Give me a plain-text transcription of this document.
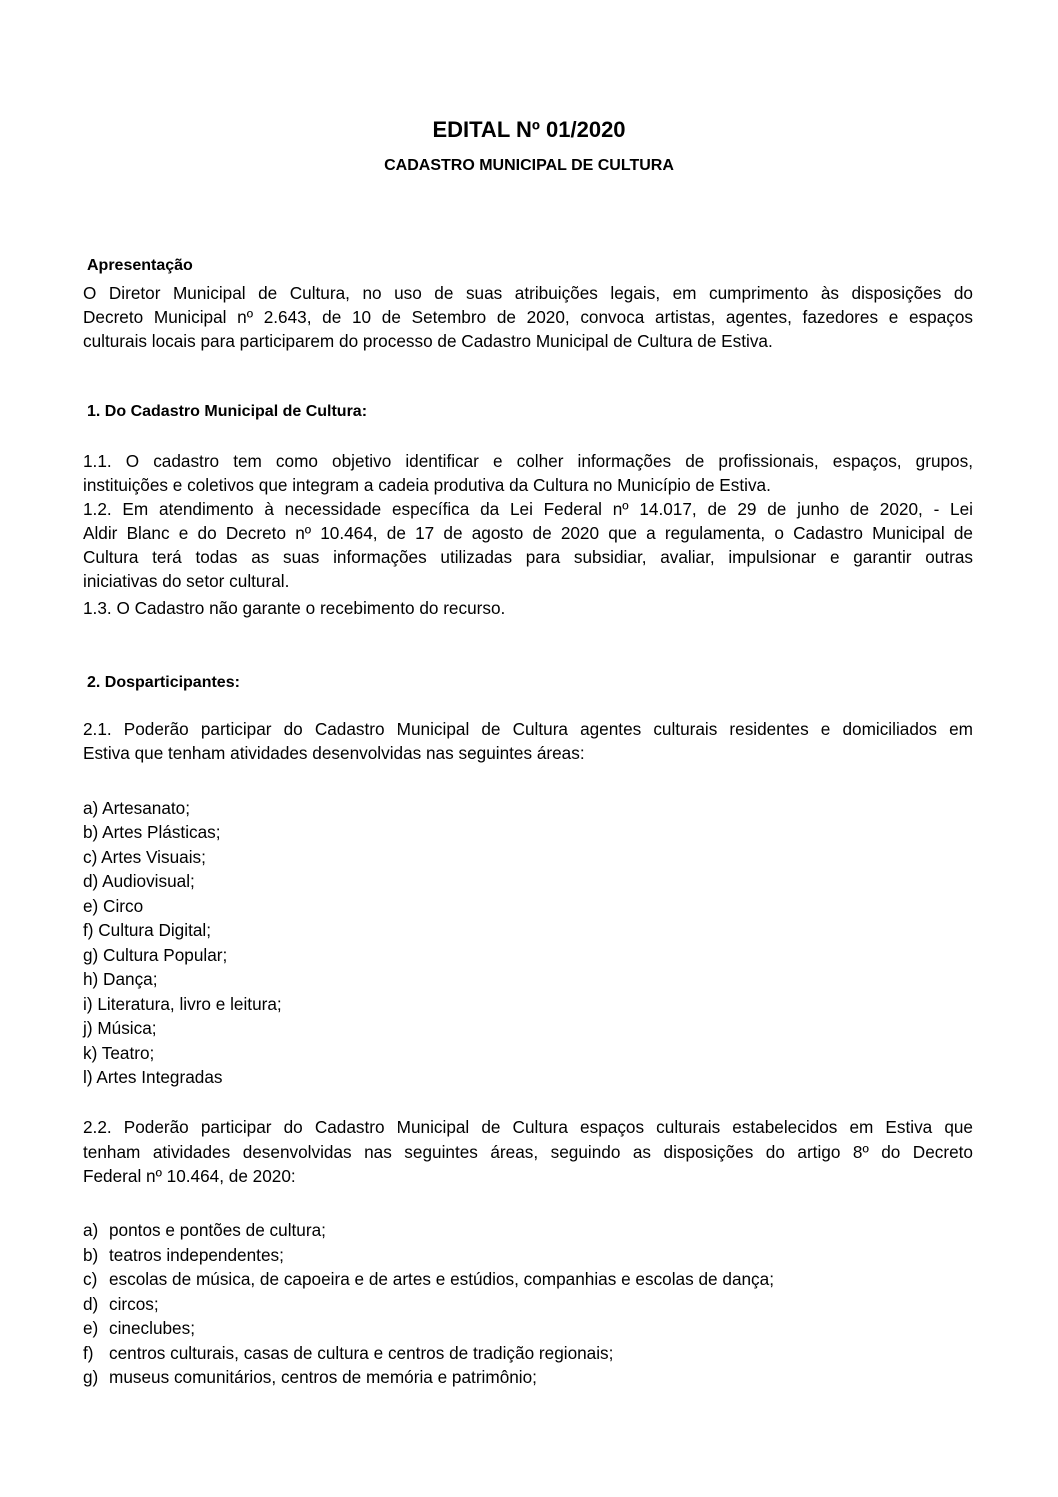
EDITAL Nº 01/2020
CADASTRO MUNICIPAL DE CULTURA
Apresentação
O Diretor Municipal de Cultura, no uso de suas atribuições legais, em cumprimento às disposições do
Decreto Municipal nº 2.643, de 10 de Setembro de 2020, convoca artistas, agentes, fazedores e espaços
culturais locais para participarem do processo de Cadastro Municipal de Cultura de Estiva.
1. Do Cadastro Municipal de Cultura:
1.1. O cadastro tem como objetivo identificar e colher informações de profissionais, espaços, grupos,
instituições e coletivos que integram a cadeia produtiva da Cultura no Município de Estiva.
1.2. Em atendimento à necessidade específica da Lei Federal nº 14.017, de 29 de junho de 2020, - Lei
Aldir Blanc e do Decreto nº 10.464, de 17 de agosto de 2020 que a regulamenta, o Cadastro Municipal de
Cultura terá todas as suas informações utilizadas para subsidiar, avaliar, impulsionar e garantir outras
iniciativas do setor cultural.
1.3. O Cadastro não garante o recebimento do recurso.
2. Dosparticipantes:
2.1. Poderão participar do Cadastro Municipal de Cultura agentes culturais residentes e domiciliados em
Estiva que tenham atividades desenvolvidas nas seguintes áreas:
a) Artesanato;
b) Artes Plásticas;
c) Artes Visuais;
d) Audiovisual;
e) Circo
f) Cultura Digital;
g) Cultura Popular;
h) Dança;
i) Literatura, livro e leitura;
j) Música;
k) Teatro;
l) Artes Integradas
2.2. Poderão participar do Cadastro Municipal de Cultura espaços culturais estabelecidos em Estiva que
tenham atividades desenvolvidas nas seguintes áreas, seguindo as disposições do artigo 8º do Decreto
Federal nº 10.464, de 2020:
a) pontos e pontões de cultura;
b) teatros independentes;
c) escolas de música, de capoeira e de artes e estúdios, companhias e escolas de dança;
d) circos;
e) cineclubes;
f) centros culturais, casas de cultura e centros de tradição regionais;
g) museus comunitários, centros de memória e patrimônio;
